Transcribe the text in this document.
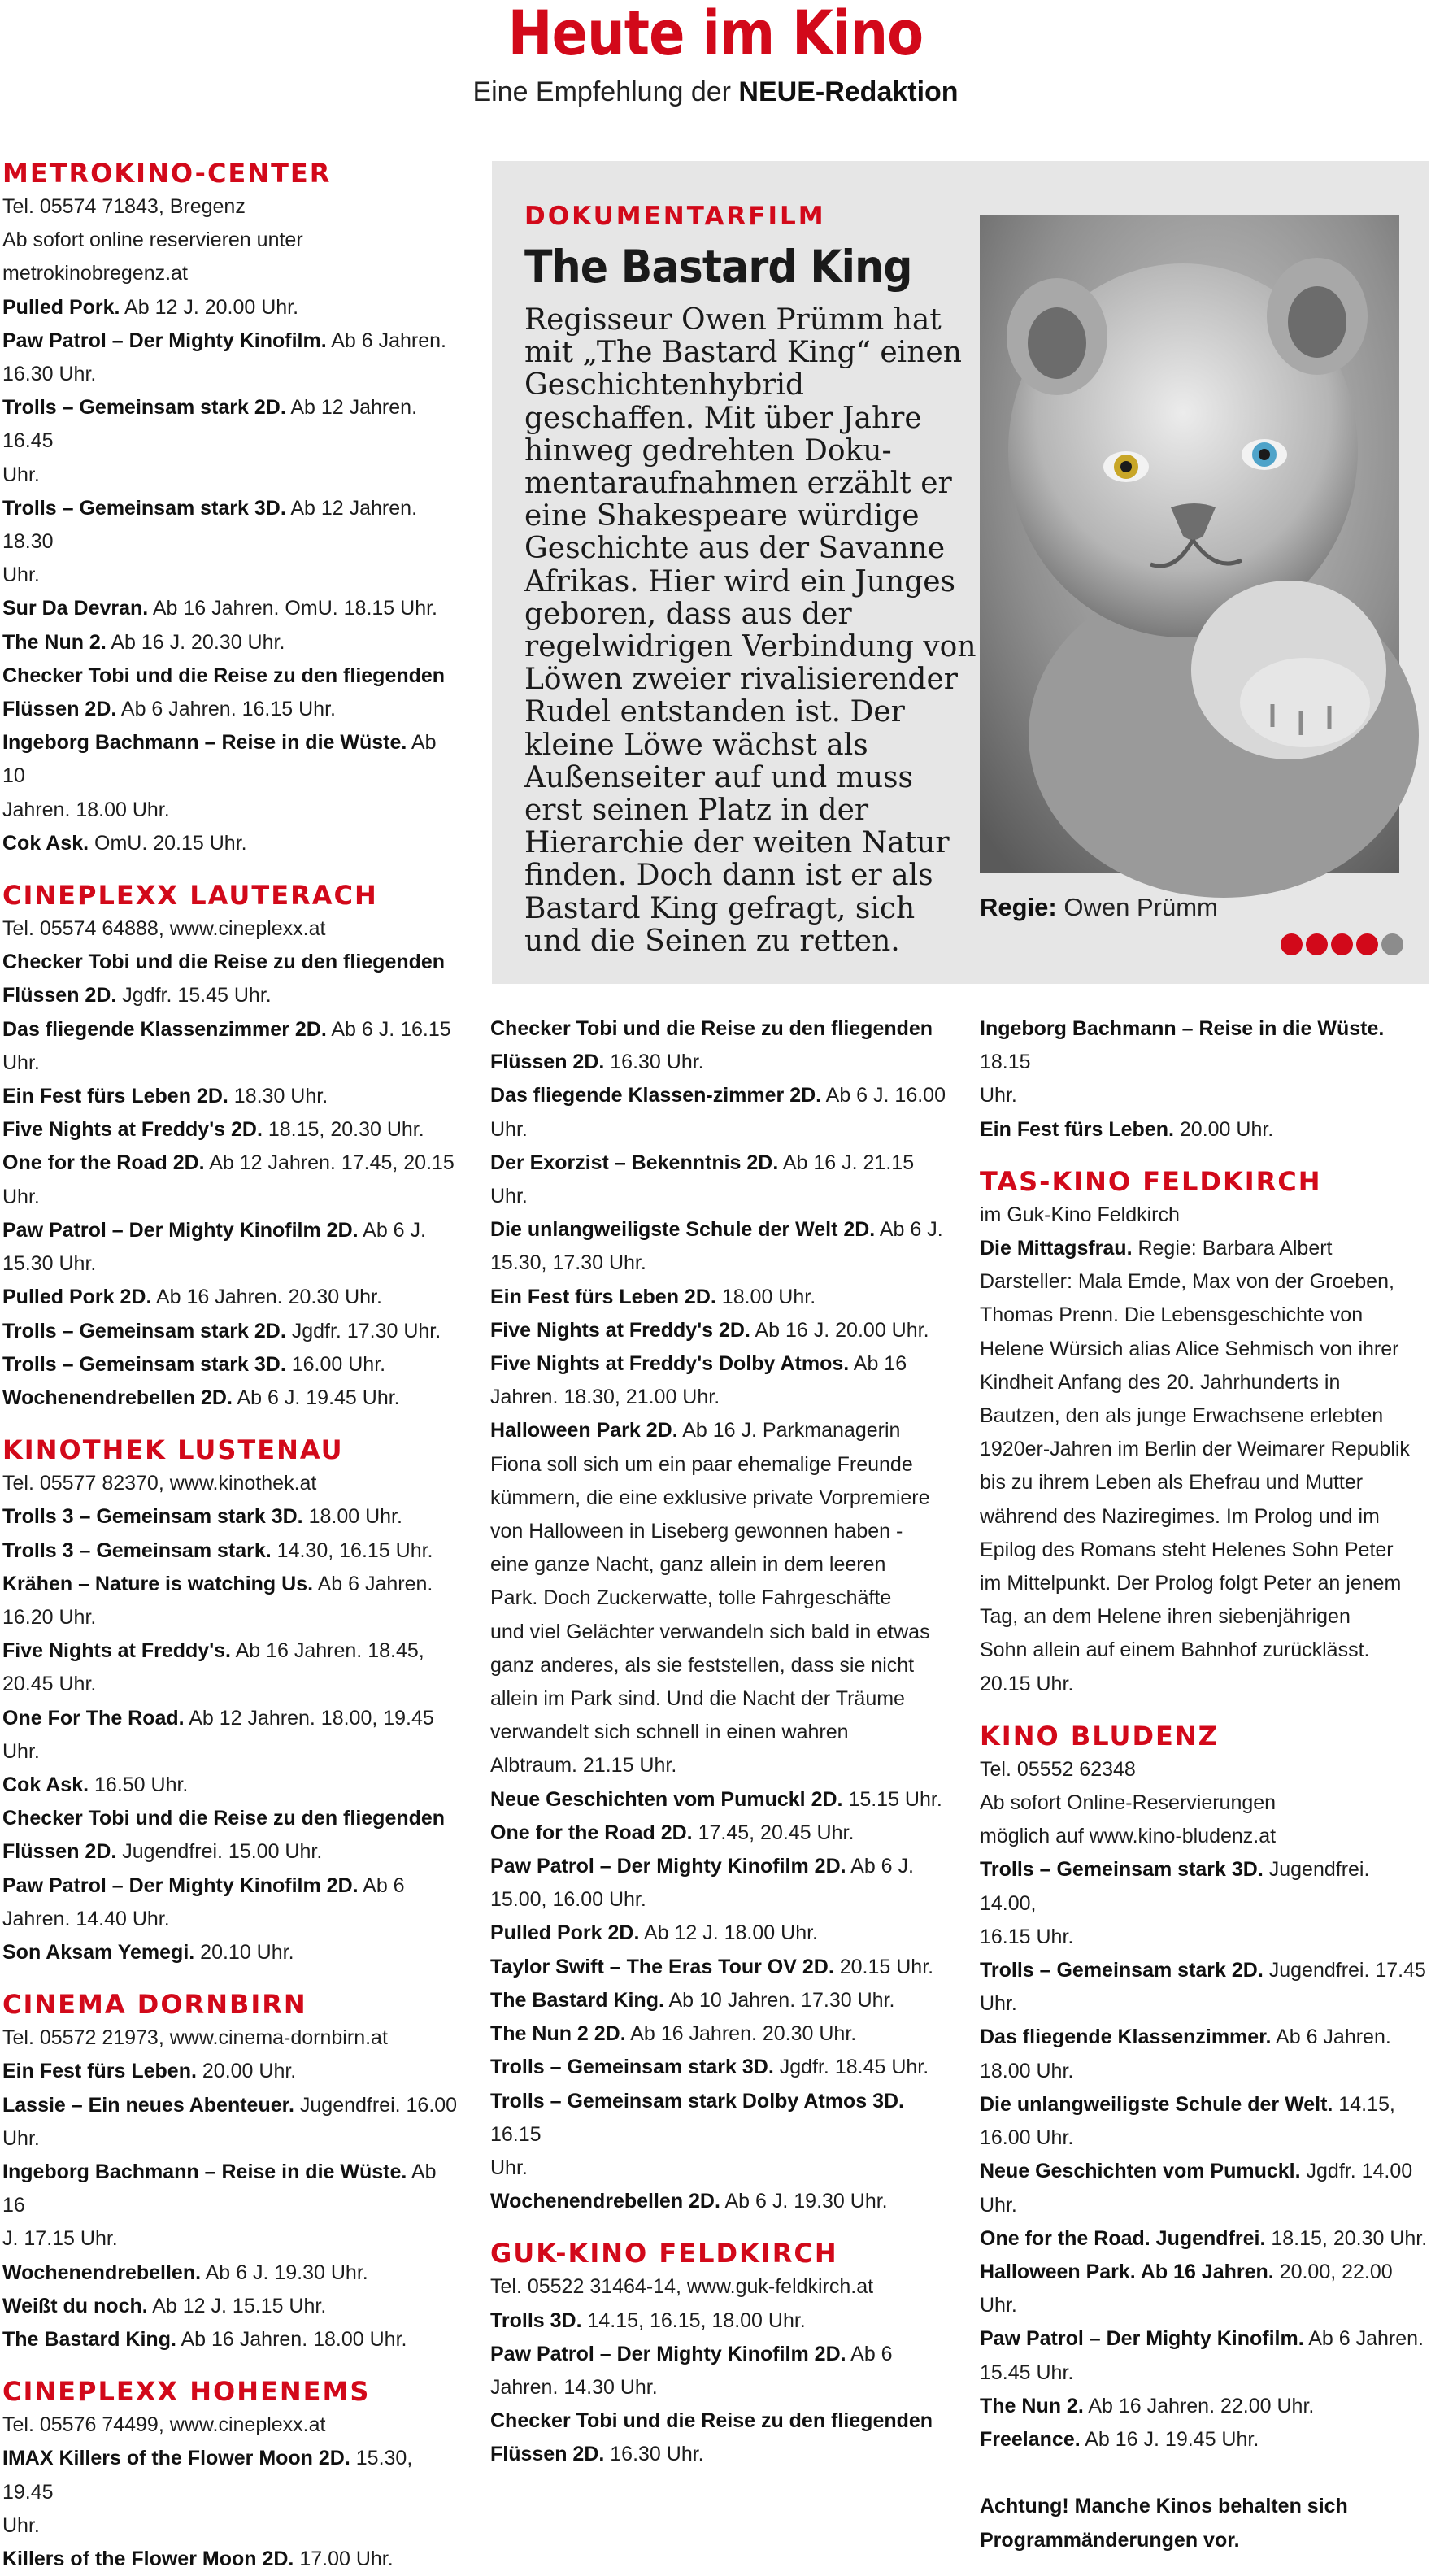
Heute im Kino
Eine Empfehlung der NEUE-Redaktion
METROKINO-CENTER
Tel. 05574 71843, Bregenz
Ab sofort online reservieren unter
metrokinobregenz.at
Pulled Pork. Ab 12 J. 20.00 Uhr.
Paw Patrol – Der Mighty Kinofilm. Ab 6 Jahren.
16.30 Uhr.
Trolls – Gemeinsam stark 2D. Ab 12 Jahren. 16.45
Uhr.
Trolls – Gemeinsam stark 3D. Ab 12 Jahren. 18.30
Uhr.
Sur Da Devran. Ab 16 Jahren. OmU. 18.15 Uhr.
The Nun 2. Ab 16 J. 20.30 Uhr.
Checker Tobi und die Reise zu den fliegenden
Flüssen 2D. Ab 6 Jahren. 16.15 Uhr.
Ingeborg Bachmann – Reise in die Wüste. Ab 10
Jahren. 18.00 Uhr.
Cok Ask. OmU. 20.15 Uhr.
CINEPLEXX LAUTERACH
Tel. 05574 64888, www.cineplexx.at
Checker Tobi und die Reise zu den fliegenden
Flüssen 2D. Jgdfr. 15.45 Uhr.
Das fliegende Klassenzimmer 2D. Ab 6 J. 16.15
Uhr.
Ein Fest fürs Leben 2D. 18.30 Uhr.
Five Nights at Freddy's 2D. 18.15, 20.30 Uhr.
One for the Road 2D. Ab 12 Jahren. 17.45, 20.15
Uhr.
Paw Patrol – Der Mighty Kinofilm 2D. Ab 6 J.
15.30 Uhr.
Pulled Pork 2D. Ab 16 Jahren. 20.30 Uhr.
Trolls – Gemeinsam stark 2D. Jgdfr. 17.30 Uhr.
Trolls – Gemeinsam stark 3D. 16.00 Uhr.
Wochenendrebellen 2D. Ab 6 J. 19.45 Uhr.
KINOTHEK LUSTENAU
Tel. 05577 82370, www.kinothek.at
Trolls 3 – Gemeinsam stark 3D. 18.00 Uhr.
Trolls 3 – Gemeinsam stark. 14.30, 16.15 Uhr.
Krähen – Nature is watching Us. Ab 6 Jahren.
16.20 Uhr.
Five Nights at Freddy's. Ab 16 Jahren. 18.45,
20.45 Uhr.
One For The Road. Ab 12 Jahren. 18.00, 19.45 Uhr.
Cok Ask. 16.50 Uhr.
Checker Tobi und die Reise zu den fliegenden
Flüssen 2D. Jugendfrei. 15.00 Uhr.
Paw Patrol – Der Mighty Kinofilm 2D. Ab 6
Jahren. 14.40 Uhr.
Son Aksam Yemegi. 20.10 Uhr.
CINEMA DORNBIRN
Tel. 05572 21973, www.cinema-dornbirn.at
Ein Fest fürs Leben. 20.00 Uhr.
Lassie – Ein neues Abenteuer. Jugendfrei. 16.00
Uhr.
Ingeborg Bachmann – Reise in die Wüste. Ab 16
J. 17.15 Uhr.
Wochenendrebellen. Ab 6 J. 19.30 Uhr.
Weißt du noch. Ab 12 J. 15.15 Uhr.
The Bastard King. Ab 16 Jahren. 18.00 Uhr.
CINEPLEXX HOHENEMS
Tel. 05576 74499, www.cineplexx.at
IMAX Killers of the Flower Moon 2D. 15.30, 19.45
Uhr.
Killers of the Flower Moon 2D. 17.00 Uhr.
DOKUMENTARFILM
The Bastard King
Regisseur Owen Prümm hat mit „The Bastard King“ einen Geschichtenhybrid geschaffen. Mit über Jahre hinweg gedrehten Dokumentaraufnahmen erzählt er eine Shakespeare würdige Geschichte aus der Savanne Afrikas. Hier wird ein Junges geboren, dass aus der regelwidrigen Verbindung von Löwen zweier rivalisierender Rudel entstanden ist. Der kleine Löwe wächst als Außenseiter auf und muss erst seinen Platz in der Hierarchie der weiten Natur finden. Doch dann ist er als Bastard King gefragt, sich und die Seinen zu retten.
Regie: Owen Prümm
Checker Tobi und die Reise zu den fliegenden
Flüssen 2D. 16.30 Uhr.
Das fliegende Klassen-zimmer 2D. Ab 6 J. 16.00 Uhr.
Der Exorzist – Bekenntnis 2D. Ab 16 J. 21.15 Uhr.
Die unlangweiligste Schule der Welt 2D. Ab 6 J.
15.30, 17.30 Uhr.
Ein Fest fürs Leben 2D. 18.00 Uhr.
Five Nights at Freddy's 2D. Ab 16 J. 20.00 Uhr.
Five Nights at Freddy's Dolby Atmos. Ab 16
Jahren. 18.30, 21.00 Uhr.
Halloween Park 2D. Ab 16 J. Parkmanagerin
Fiona soll sich um ein paar ehemalige Freunde
kümmern, die eine exklusive private Vorpremiere
von Halloween in Liseberg gewonnen haben -
eine ganze Nacht, ganz allein in dem leeren
Park. Doch Zuckerwatte, tolle Fahrgeschäfte
und viel Gelächter verwandeln sich bald in etwas
ganz anderes, als sie feststellen, dass sie nicht
allein im Park sind. Und die Nacht der Träume
verwandelt sich schnell in einen wahren
Albtraum. 21.15 Uhr.
Neue Geschichten vom Pumuckl 2D. 15.15 Uhr.
One for the Road 2D. 17.45, 20.45 Uhr.
Paw Patrol – Der Mighty Kinofilm 2D. Ab 6 J.
15.00, 16.00 Uhr.
Pulled Pork 2D. Ab 12 J. 18.00 Uhr.
Taylor Swift – The Eras Tour OV 2D. 20.15 Uhr.
The Bastard King. Ab 10 Jahren. 17.30 Uhr.
The Nun 2 2D. Ab 16 Jahren. 20.30 Uhr.
Trolls – Gemeinsam stark 3D. Jgdfr. 18.45 Uhr.
Trolls – Gemeinsam stark Dolby Atmos 3D. 16.15
Uhr.
Wochenendrebellen 2D. Ab 6 J. 19.30 Uhr.
GUK-KINO FELDKIRCH
Tel. 05522 31464-14, www.guk-feldkirch.at
Trolls 3D. 14.15, 16.15, 18.00 Uhr.
Paw Patrol – Der Mighty Kinofilm 2D. Ab 6
Jahren. 14.30 Uhr.
Checker Tobi und die Reise zu den fliegenden
Flüssen 2D. 16.30 Uhr.
Ingeborg Bachmann – Reise in die Wüste. 18.15
Uhr.
Ein Fest fürs Leben. 20.00 Uhr.
TAS-KINO FELDKIRCH
im Guk-Kino Feldkirch
Die Mittagsfrau. Regie: Barbara Albert
Darsteller: Mala Emde, Max von der Groeben,
Thomas Prenn. Die Lebensgeschichte von
Helene Würsich alias Alice Sehmisch von ihrer
Kindheit Anfang des 20. Jahrhunderts in
Bautzen, den als junge Erwachsene erlebten
1920er-Jahren im Berlin der Weimarer Republik
bis zu ihrem Leben als Ehefrau und Mutter
während des Naziregimes. Im Prolog und im
Epilog des Romans steht Helenes Sohn Peter
im Mittelpunkt. Der Prolog folgt Peter an jenem
Tag, an dem Helene ihren siebenjährigen
Sohn allein auf einem Bahnhof zurücklässt.
20.15 Uhr.
KINO BLUDENZ
Tel. 05552 62348
Ab sofort Online-Reservierungen
möglich auf www.kino-bludenz.at
Trolls – Gemeinsam stark 3D. Jugendfrei. 14.00,
16.15 Uhr.
Trolls – Gemeinsam stark 2D. Jugendfrei. 17.45
Uhr.
Das fliegende Klassenzimmer. Ab 6 Jahren.
18.00 Uhr.
Die unlangweiligste Schule der Welt. 14.15,
16.00 Uhr.
Neue Geschichten vom Pumuckl. Jgdfr. 14.00 Uhr.
One for the Road. Jugendfrei. 18.15, 20.30 Uhr.
Halloween Park. Ab 16 Jahren. 20.00, 22.00 Uhr.
Paw Patrol – Der Mighty Kinofilm. Ab 6 Jahren.
15.45 Uhr.
The Nun 2. Ab 16 Jahren. 22.00 Uhr.
Freelance. Ab 16 J. 19.45 Uhr.

Achtung! Manche Kinos behalten sich
Programmänderungen vor.
